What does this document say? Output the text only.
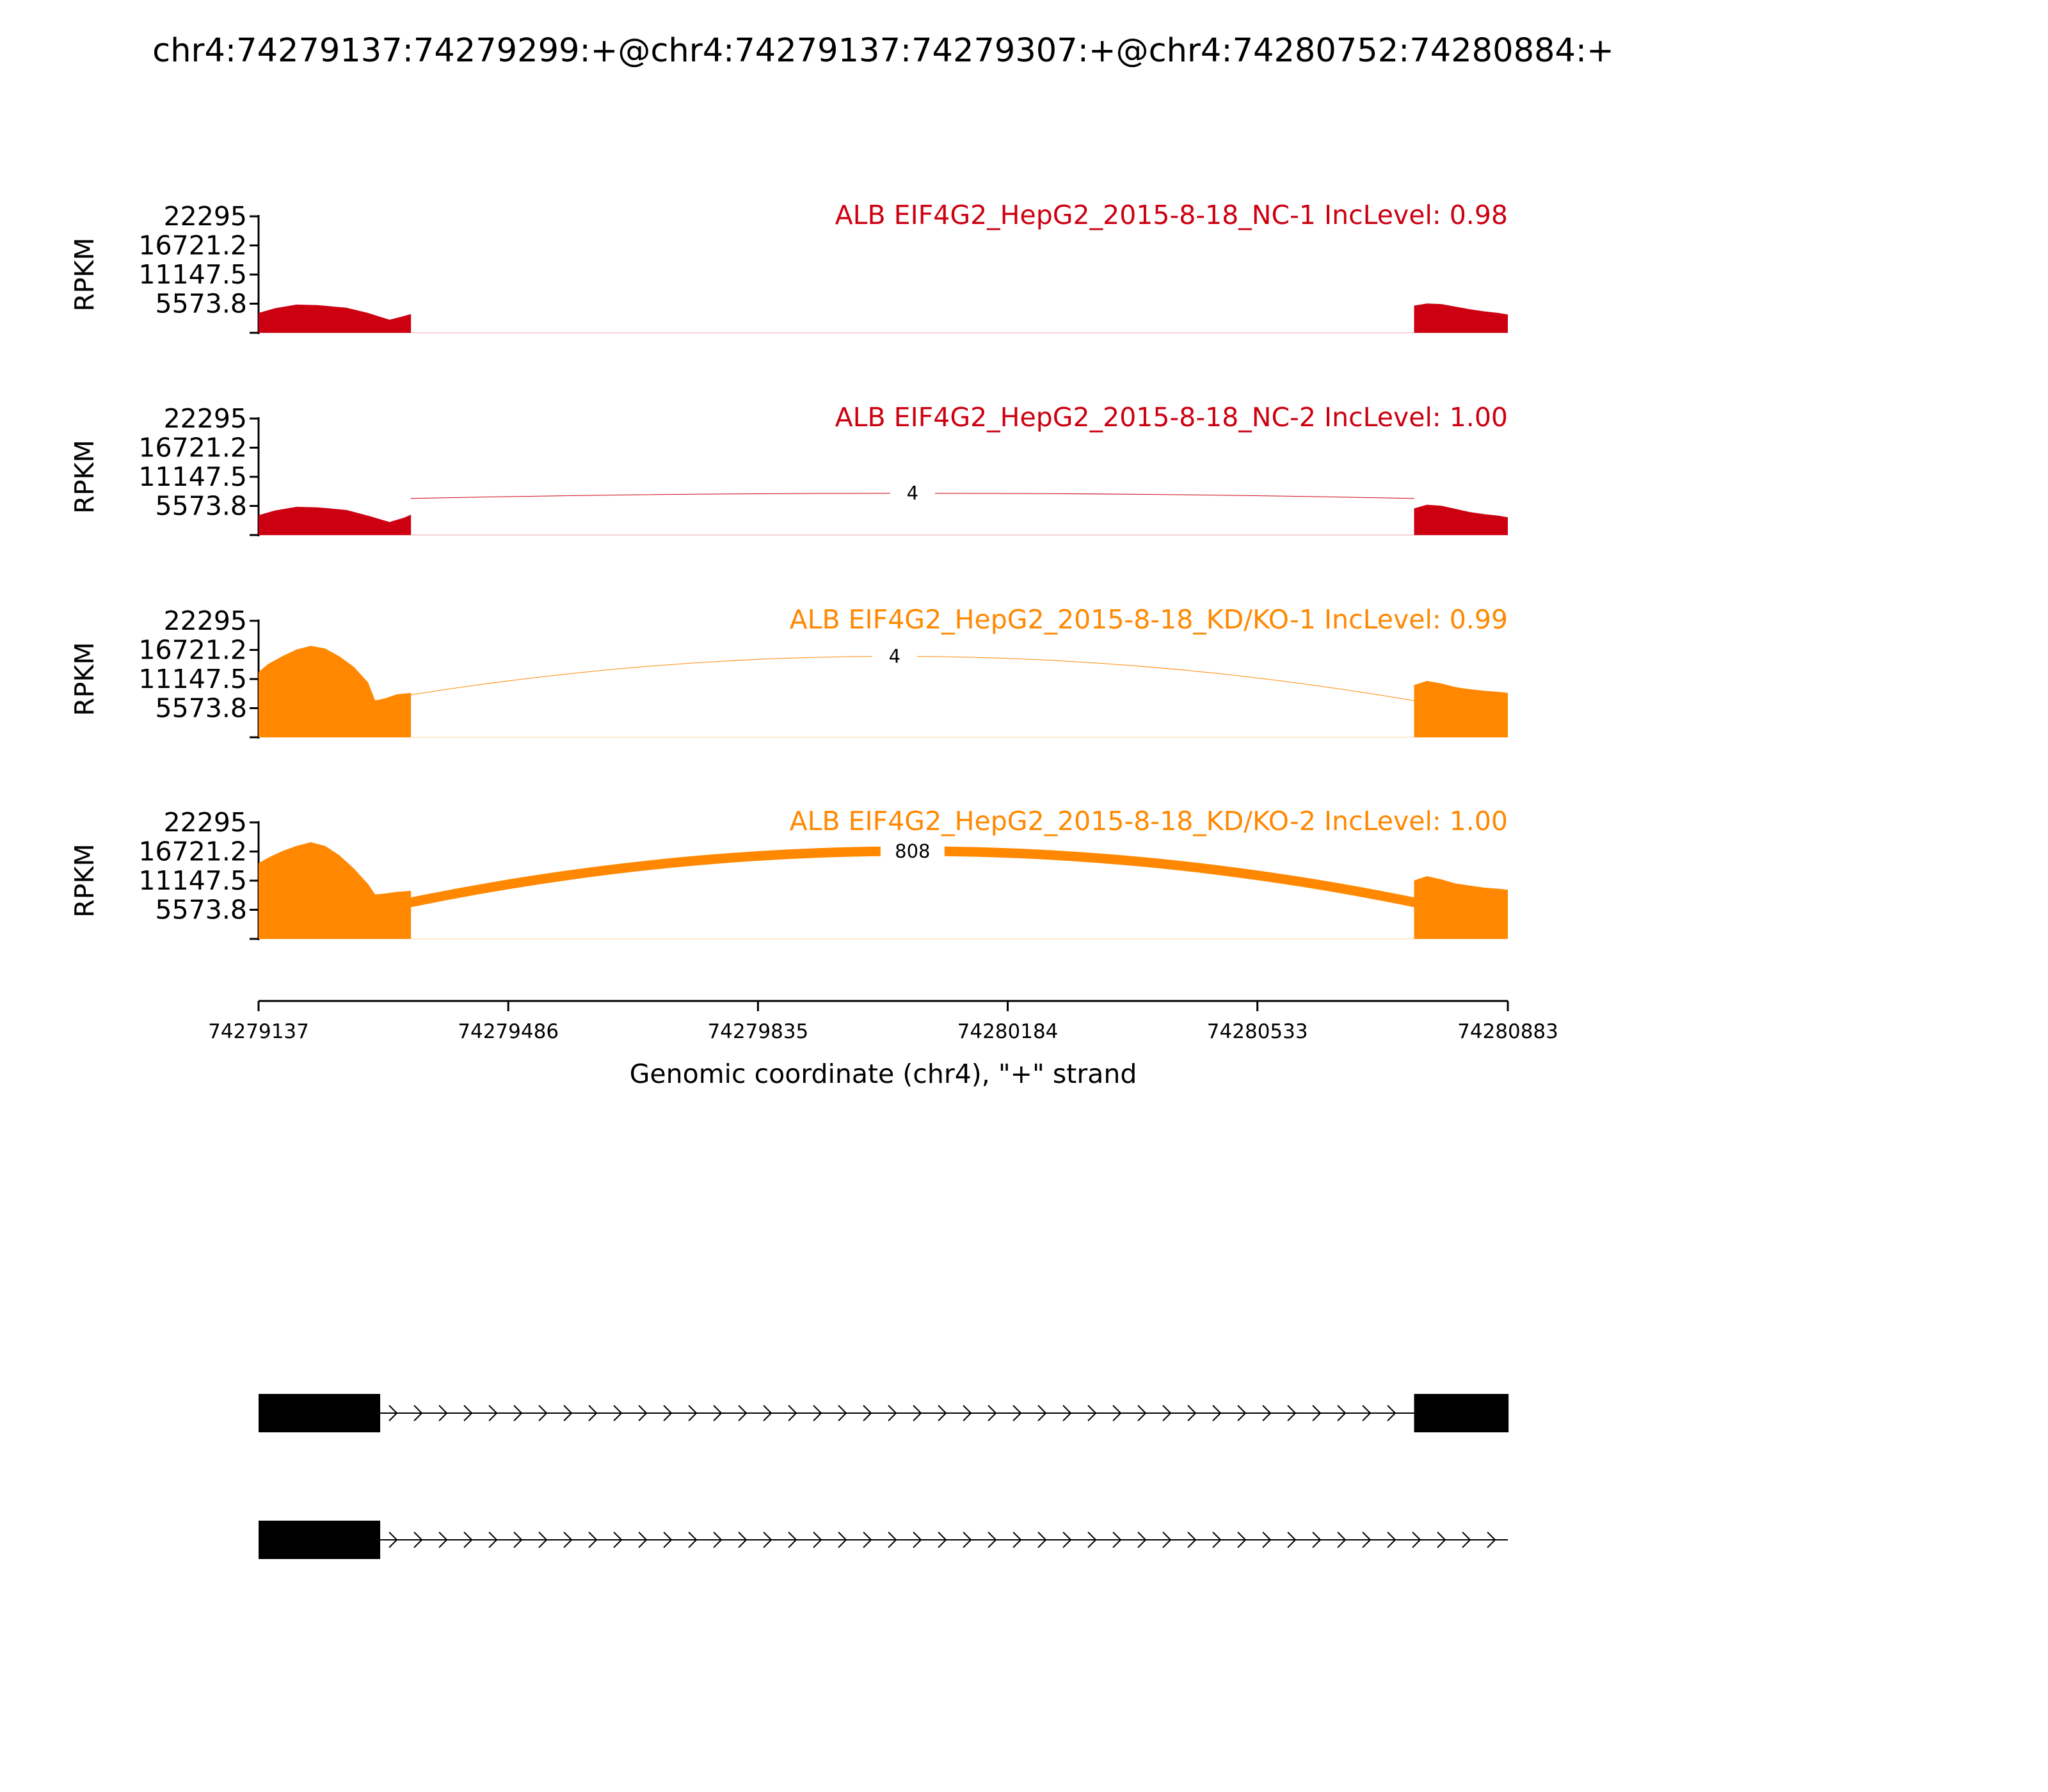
chr4:74279137:74279299:+@chr4:74279137:74279307:+@chr4:74280752:74280884:+
22295
16721.2
11147.5
5573.8
RPKM
ALB EIF4G2_HepG2_2015-8-18_NC-1 IncLevel: 0.98
22295
16721.2
11147.5
5573.8
RPKM	4
ALB EIF4G2_HepG2_2015-8-18_NC-2 IncLevel: 1.00
22295
16721.2
11147.5
5573.8
RPKM	4
ALB EIF4G2_HepG2_2015-8-18_KD/KO-1 IncLevel: 0.99
22295
16721.2
11147.5
5573.8
RPKM	808
ALB EIF4G2_HepG2_2015-8-18_KD/KO-2 IncLevel: 1.00
74279137	74279486	74279835	74280184	74280533	74280883
Genomic coordinate (chr4), "+" strand
